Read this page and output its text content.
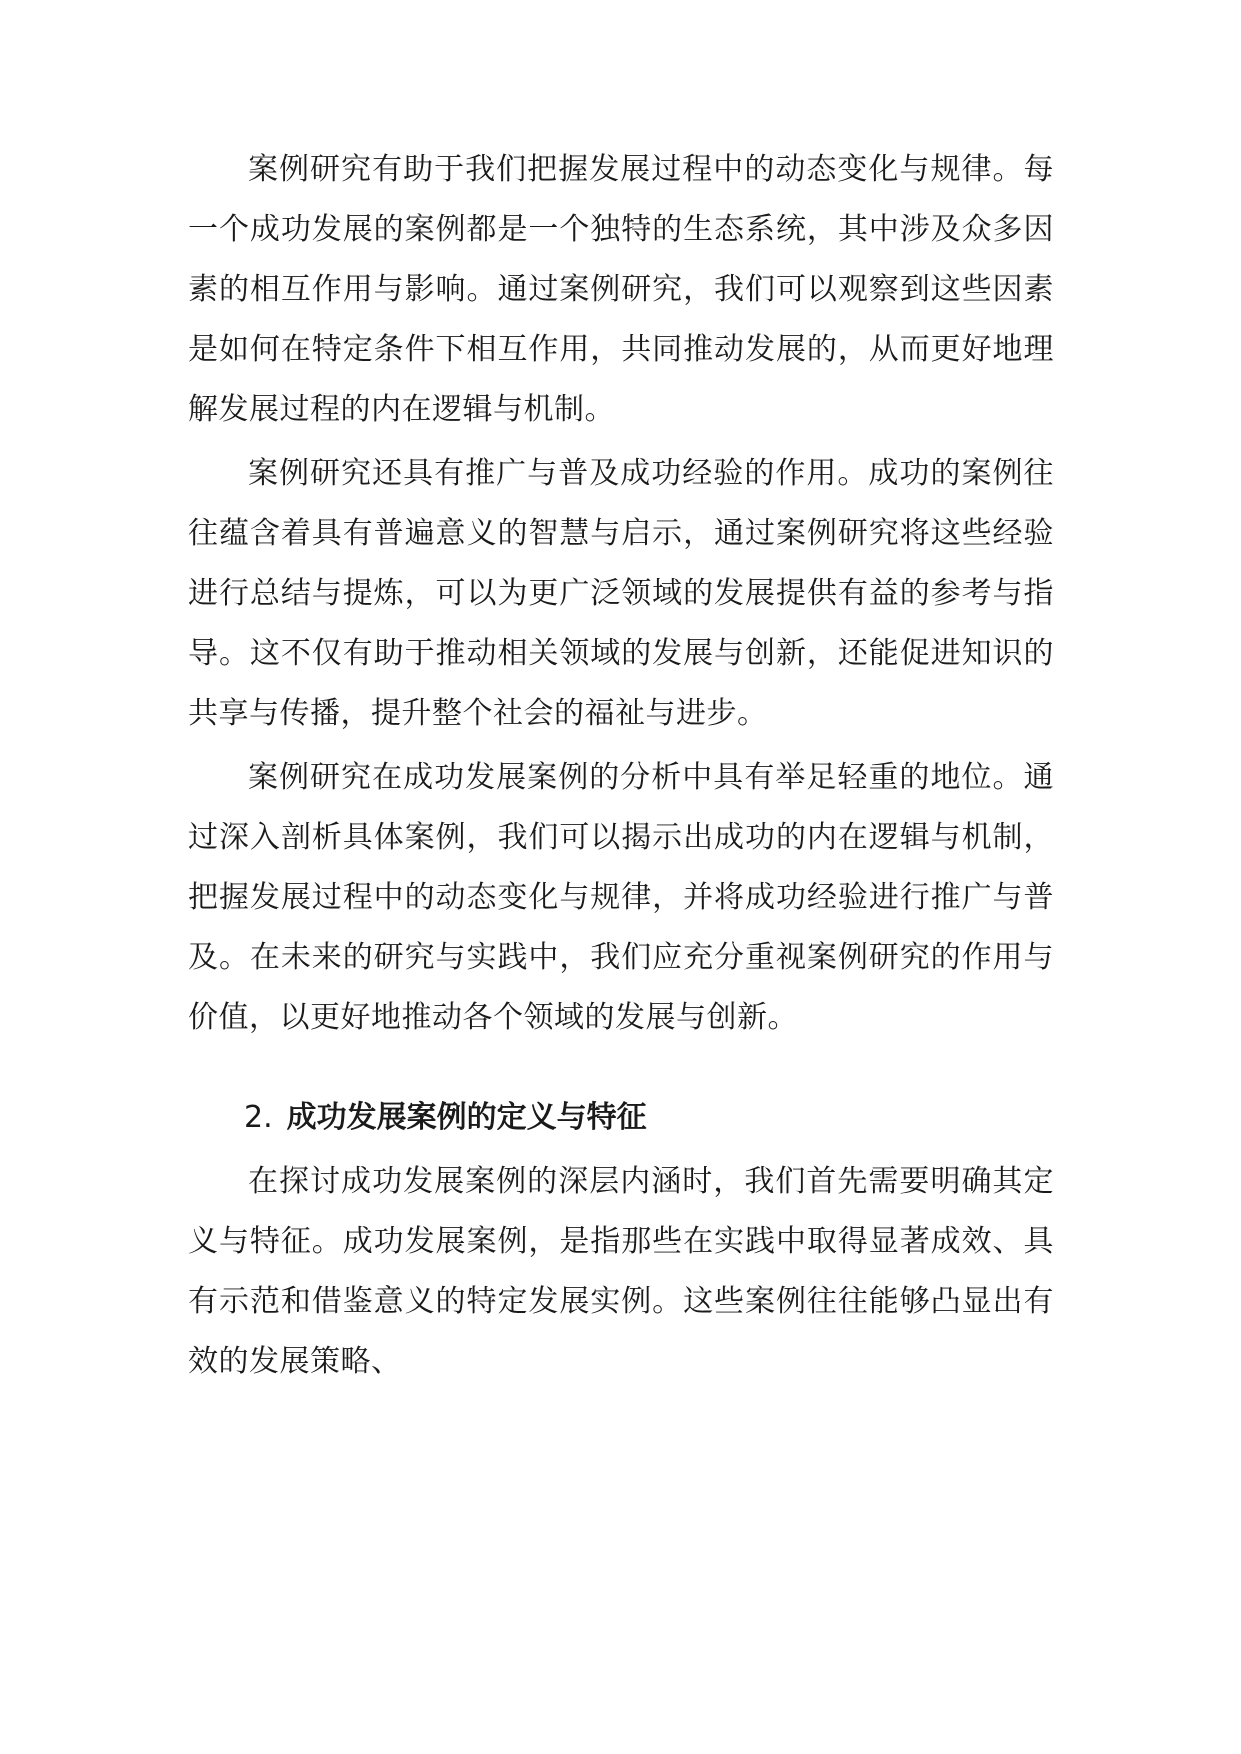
案例研究有助于我们把握发展过程中的动态变化与规律。每一个成功发展的案例都是一个独特的生态系统，其中涉及众多因素的相互作用与影响。通过案例研究，我们可以观察到这些因素是如何在特定条件下相互作用，共同推动发展的，从而更好地理解发展过程的内在逻辑与机制。

案例研究还具有推广与普及成功经验的作用。成功的案例往往蕴含着具有普遍意义的智慧与启示，通过案例研究将这些经验进行总结与提炼，可以为更广泛领域的发展提供有益的参考与指导。这不仅有助于推动相关领域的发展与创新，还能促进知识的共享与传播，提升整个社会的福祉与进步。

案例研究在成功发展案例的分析中具有举足轻重的地位。通过深入剖析具体案例，我们可以揭示出成功的内在逻辑与机制，把握发展过程中的动态变化与规律，并将成功经验进行推广与普及。在未来的研究与实践中，我们应充分重视案例研究的作用与价值，以更好地推动各个领域的发展与创新。

2. 成功发展案例的定义与特征

在探讨成功发展案例的深层内涵时，我们首先需要明确其定义与特征。成功发展案例，是指那些在实践中取得显著成效、具有示范和借鉴意义的特定发展实例。这些案例往往能够凸显出有效的发展策略、
